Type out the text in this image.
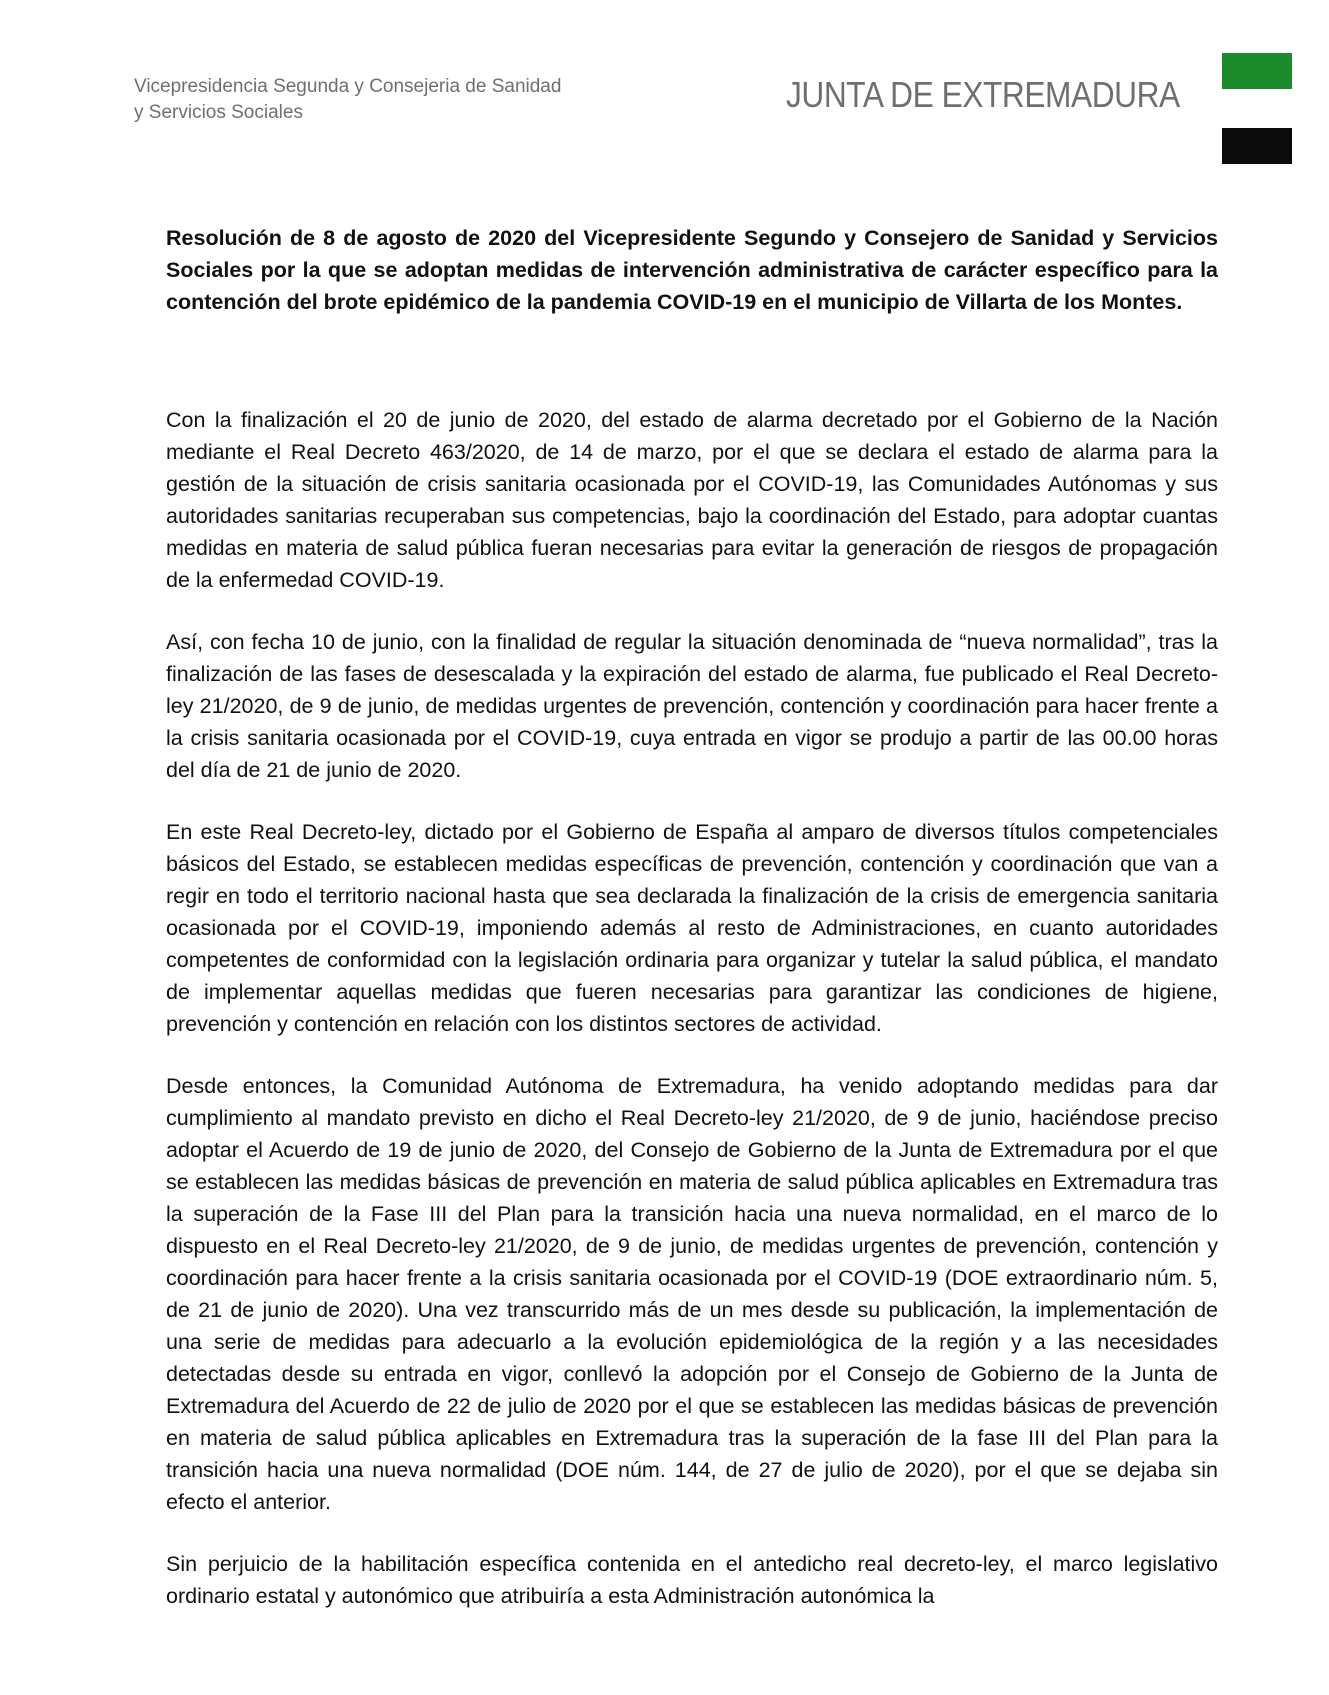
Vicepresidencia Segunda y Consejeria de Sanidad
y Servicios Sociales	JUNTA DE EXTREMADURA

Resolución de 8 de agosto de 2020 del Vicepresidente Segundo y Consejero de Sanidad y Servicios Sociales por la que se adoptan medidas de intervención administrativa de carácter específico para la contención del brote epidémico de la pandemia COVID-19 en el municipio de Villarta de los Montes.

Con la finalización el 20 de junio de 2020, del estado de alarma decretado por el Gobierno de la Nación mediante el Real Decreto 463/2020, de 14 de marzo, por el que se declara el estado de alarma para la gestión de la situación de crisis sanitaria ocasionada por el COVID-19, las Comunidades Autónomas y sus autoridades sanitarias recuperaban sus competencias, bajo la coordinación del Estado, para adoptar cuantas medidas en materia de salud pública fueran necesarias para evitar la generación de riesgos de propagación de la enfermedad COVID-19.

Así, con fecha 10 de junio, con la finalidad de regular la situación denominada de “nueva normalidad”, tras la finalización de las fases de desescalada y la expiración del estado de alarma, fue publicado el Real Decreto-ley 21/2020, de 9 de junio, de medidas urgentes de prevención, contención y coordinación para hacer frente a la crisis sanitaria ocasionada por el COVID-19, cuya entrada en vigor se produjo a partir de las 00.00 horas del día de 21 de junio de 2020.

En este Real Decreto-ley, dictado por el Gobierno de España al amparo de diversos títulos competenciales básicos del Estado, se establecen medidas específicas de prevención, contención y coordinación que van a regir en todo el territorio nacional hasta que sea declarada la finalización de la crisis de emergencia sanitaria ocasionada por el COVID-19, imponiendo además al resto de Administraciones, en cuanto autoridades competentes de conformidad con la legislación ordinaria para organizar y tutelar la salud pública, el mandato de implementar aquellas medidas que fueren necesarias para garantizar las condiciones de higiene, prevención y contención en relación con los distintos sectores de actividad.

Desde entonces, la Comunidad Autónoma de Extremadura, ha venido adoptando medidas para dar cumplimiento al mandato previsto en dicho el Real Decreto-ley 21/2020, de 9 de junio, haciéndose preciso adoptar el Acuerdo de 19 de junio de 2020, del Consejo de Gobierno de la Junta de Extremadura por el que se establecen las medidas básicas de prevención en materia de salud pública aplicables en Extremadura tras la superación de la Fase III del Plan para la transición hacia una nueva normalidad, en el marco de lo dispuesto en el Real Decreto-ley 21/2020, de 9 de junio, de medidas urgentes de prevención, contención y coordinación para hacer frente a la crisis sanitaria ocasionada por el COVID-19 (DOE extraordinario núm. 5, de 21 de junio de 2020). Una vez transcurrido más de un mes desde su publicación, la implementación de una serie de medidas para adecuarlo a la evolución epidemiológica de la región y a las necesidades detectadas desde su entrada en vigor, conllevó la adopción por el Consejo de Gobierno de la Junta de Extremadura del Acuerdo de 22 de julio de 2020 por el que se establecen las medidas básicas de prevención en materia de salud pública aplicables en Extremadura tras la superación de la fase III del Plan para la transición hacia una nueva normalidad (DOE núm. 144, de 27 de julio de 2020), por el que se dejaba sin efecto el anterior.

Sin perjuicio de la habilitación específica contenida en el antedicho real decreto-ley, el marco legislativo ordinario estatal y autonómico que atribuiría a esta Administración autonómica la
